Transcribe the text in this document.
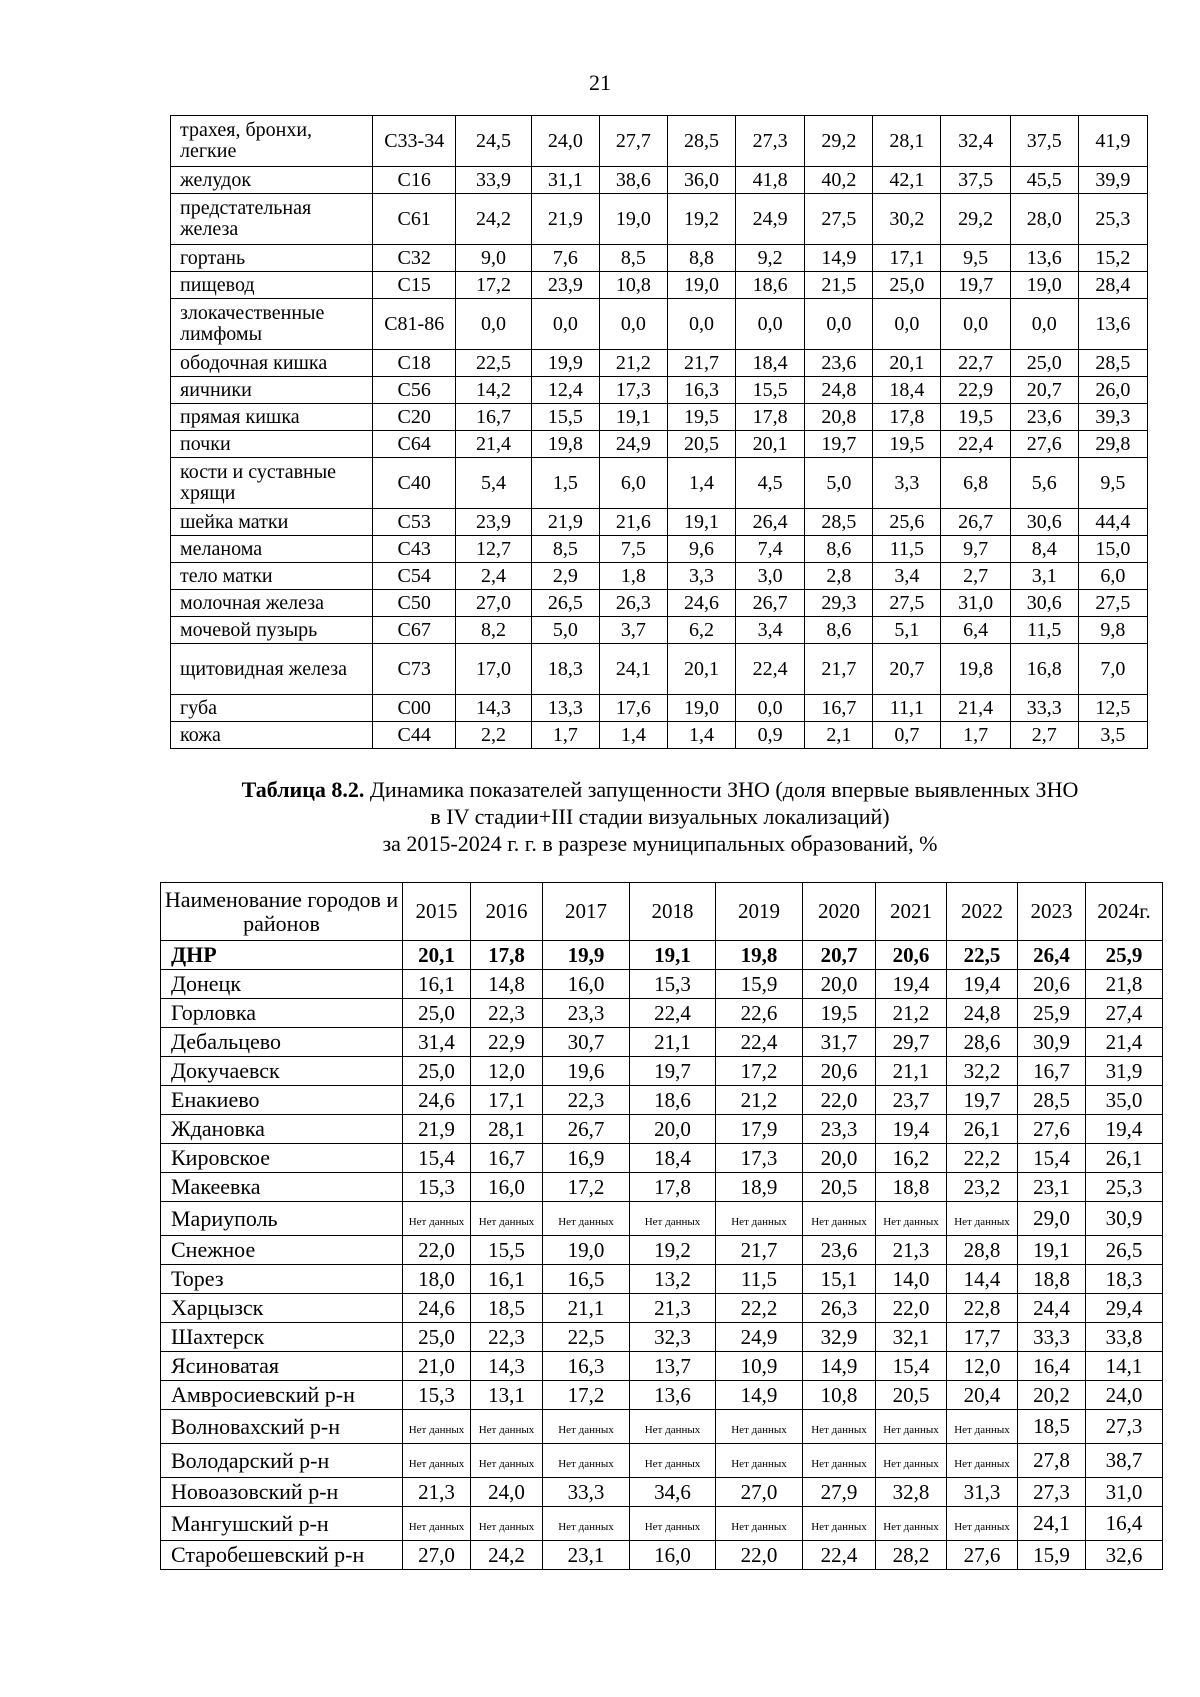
21
трахея, бронхи, легкие	С33-34	24,5	24,0	27,7	28,5	27,3	29,2	28,1	32,4	37,5	41,9
желудок	С16	33,9	31,1	38,6	36,0	41,8	40,2	42,1	37,5	45,5	39,9
предстательная железа	С61	24,2	21,9	19,0	19,2	24,9	27,5	30,2	29,2	28,0	25,3
гортань	С32	9,0	7,6	8,5	8,8	9,2	14,9	17,1	9,5	13,6	15,2
пищевод	С15	17,2	23,9	10,8	19,0	18,6	21,5	25,0	19,7	19,0	28,4
злокачественные лимфомы	С81-86	0,0	0,0	0,0	0,0	0,0	0,0	0,0	0,0	0,0	13,6
ободочная кишка	С18	22,5	19,9	21,2	21,7	18,4	23,6	20,1	22,7	25,0	28,5
яичники	С56	14,2	12,4	17,3	16,3	15,5	24,8	18,4	22,9	20,7	26,0
прямая кишка	С20	16,7	15,5	19,1	19,5	17,8	20,8	17,8	19,5	23,6	39,3
почки	С64	21,4	19,8	24,9	20,5	20,1	19,7	19,5	22,4	27,6	29,8
кости и суставные хрящи	С40	5,4	1,5	6,0	1,4	4,5	5,0	3,3	6,8	5,6	9,5
шейка матки	С53	23,9	21,9	21,6	19,1	26,4	28,5	25,6	26,7	30,6	44,4
меланома	С43	12,7	8,5	7,5	9,6	7,4	8,6	11,5	9,7	8,4	15,0
тело матки	С54	2,4	2,9	1,8	3,3	3,0	2,8	3,4	2,7	3,1	6,0
молочная железа	С50	27,0	26,5	26,3	24,6	26,7	29,3	27,5	31,0	30,6	27,5
мочевой пузырь	С67	8,2	5,0	3,7	6,2	3,4	8,6	5,1	6,4	11,5	9,8
щитовидная железа	С73	17,0	18,3	24,1	20,1	22,4	21,7	20,7	19,8	16,8	7,0
губа	С00	14,3	13,3	17,6	19,0	0,0	16,7	11,1	21,4	33,3	12,5
кожа	С44	2,2	1,7	1,4	1,4	0,9	2,1	0,7	1,7	2,7	3,5
Таблица 8.2. Динамика показателей запущенности ЗНО (доля впервые выявленных ЗНО
в IV стадии+III стадии визуальных локализаций)
за 2015-2024 г. г. в разрезе муниципальных образований, %
Наименование городов и районов	2015	2016	2017	2018	2019	2020	2021	2022	2023	2024г.
ДНР	20,1	17,8	19,9	19,1	19,8	20,7	20,6	22,5	26,4	25,9
Донецк	16,1	14,8	16,0	15,3	15,9	20,0	19,4	19,4	20,6	21,8
Горловка	25,0	22,3	23,3	22,4	22,6	19,5	21,2	24,8	25,9	27,4
Дебальцево	31,4	22,9	30,7	21,1	22,4	31,7	29,7	28,6	30,9	21,4
Докучаевск	25,0	12,0	19,6	19,7	17,2	20,6	21,1	32,2	16,7	31,9
Енакиево	24,6	17,1	22,3	18,6	21,2	22,0	23,7	19,7	28,5	35,0
Ждановка	21,9	28,1	26,7	20,0	17,9	23,3	19,4	26,1	27,6	19,4
Кировское	15,4	16,7	16,9	18,4	17,3	20,0	16,2	22,2	15,4	26,1
Макеевка	15,3	16,0	17,2	17,8	18,9	20,5	18,8	23,2	23,1	25,3
Мариуполь	Нет данных	Нет данных	Нет данных	Нет данных	Нет данных	Нет данных	Нет данных	Нет данных	29,0	30,9
Снежное	22,0	15,5	19,0	19,2	21,7	23,6	21,3	28,8	19,1	26,5
Торез	18,0	16,1	16,5	13,2	11,5	15,1	14,0	14,4	18,8	18,3
Харцызск	24,6	18,5	21,1	21,3	22,2	26,3	22,0	22,8	24,4	29,4
Шахтерск	25,0	22,3	22,5	32,3	24,9	32,9	32,1	17,7	33,3	33,8
Ясиноватая	21,0	14,3	16,3	13,7	10,9	14,9	15,4	12,0	16,4	14,1
Амвросиевский р-н	15,3	13,1	17,2	13,6	14,9	10,8	20,5	20,4	20,2	24,0
Волновахский р-н	Нет данных	Нет данных	Нет данных	Нет данных	Нет данных	Нет данных	Нет данных	Нет данных	18,5	27,3
Володарский р-н	Нет данных	Нет данных	Нет данных	Нет данных	Нет данных	Нет данных	Нет данных	Нет данных	27,8	38,7
Новоазовский р-н	21,3	24,0	33,3	34,6	27,0	27,9	32,8	31,3	27,3	31,0
Мангушский р-н	Нет данных	Нет данных	Нет данных	Нет данных	Нет данных	Нет данных	Нет данных	Нет данных	24,1	16,4
Старобешевский р-н	27,0	24,2	23,1	16,0	22,0	22,4	28,2	27,6	15,9	32,6
